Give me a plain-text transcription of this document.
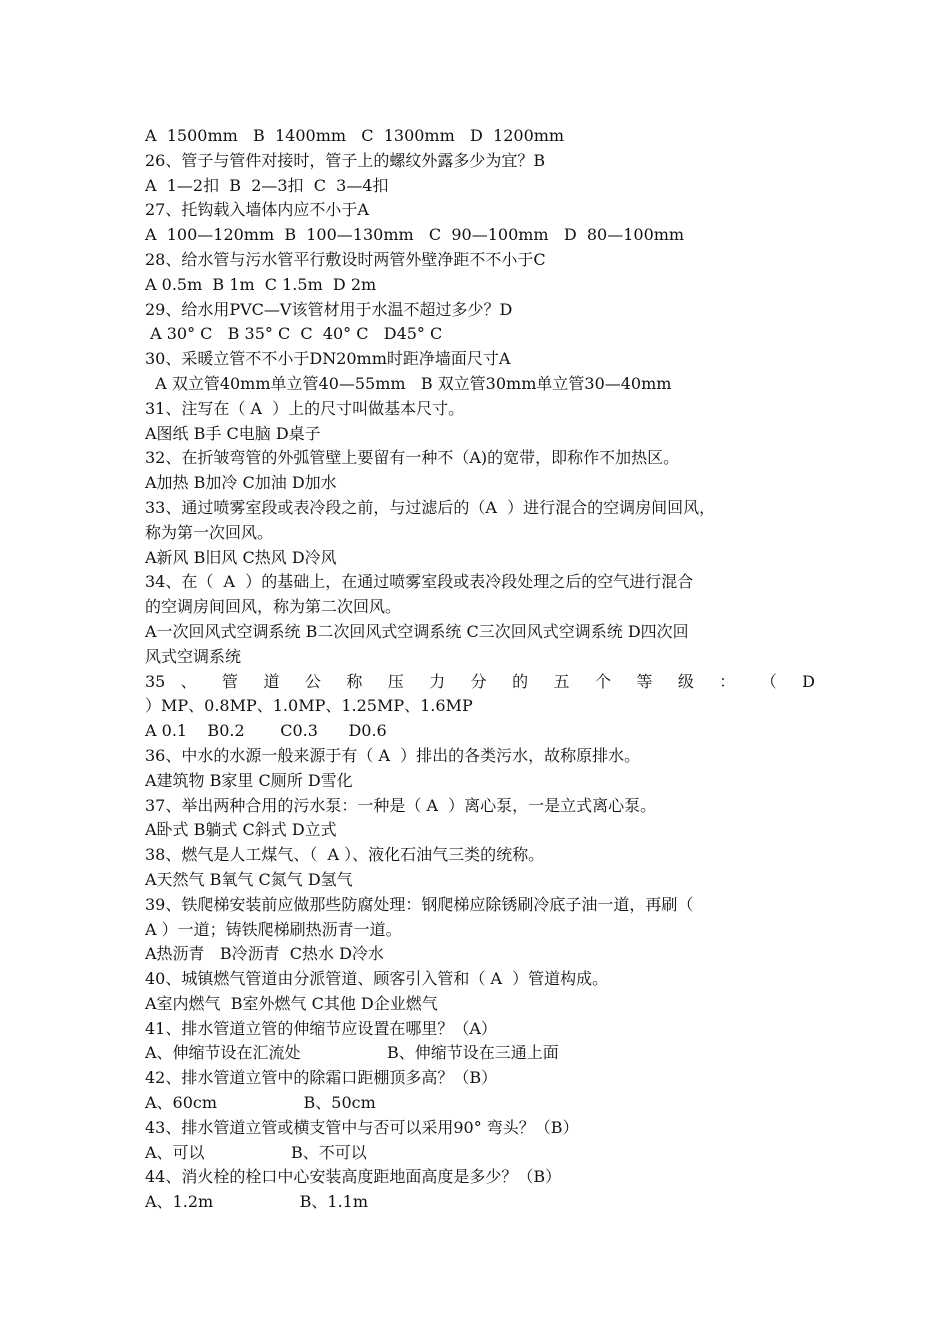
A  1500mm   B  1400mm   C  1300mm   D  1200mm
26、管子与管件对接时，管子上的螺纹外露多少为宜？B
A  1—2扣  B  2—3扣  C  3—4扣
27、托钩载入墙体内应不小于A
A  100—120mm  B  100—130mm   C  90—100mm   D  80—100mm
28、给水管与污水管平行敷设时两管外壁净距不不小于C
A 0.5m  B 1m  C 1.5m  D 2m
29、给水用PVC—V该管材用于水温不超过多少？D
A 30° C   B 35° C  C  40° C   D45° C
30、采暖立管不不小于DN20mm时距净墙面尺寸A
A 双立管40mm单立管40—55mm   B 双立管30mm单立管30—40mm
31、注写在（ A  ）上的尺寸叫做基本尺寸。
A图纸 B手 C电脑 D桌子
32、在折皱弯管的外弧管壁上要留有一种不（A)的宽带，即称作不加热区。
A加热 B加冷 C加油 D加水
33、通过喷雾室段或表冷段之前，与过滤后的（A  ）进行混合的空调房间回风，
称为第一次回风。
A新风 B旧风 C热风 D冷风
34、在（  A  ）的基础上，在通过喷雾室段或表冷段处理之后的空气进行混合
的空调房间回风，称为第二次回风。
A一次回风式空调系统 B二次回风式空调系统 C三次回风式空调系统 D四次回
风式空调系统
35 、 管 道 公 称 压 力 分 的 五 个 等 级 ： （ D
）MP、0.8MP、1.0MP、1.25MP、1.6MP
A 0.1    B0.2       C0.3      D0.6
36、中水的水源一般来源于有（ A  ）排出的各类污水，故称原排水。
A建筑物 B家里 C厕所 D雪化
37、举出两种合用的污水泵：一种是（ A  ）离心泵，一是立式离心泵。
A卧式 B躺式 C斜式 D立式
38、燃气是人工煤气、（  A ）、液化石油气三类的统称。
A天然气 B氧气 C氮气 D氢气
39、铁爬梯安装前应做那些防腐处理：钢爬梯应除锈刷冷底子油一道，再刷（
A ）一道；铸铁爬梯刷热沥青一道。
A热沥青   B冷沥青  C热水 D冷水
40、城镇燃气管道由分派管道、顾客引入管和（ A  ）管道构成。
A室内燃气  B室外燃气 C其他 D企业燃气
41、排水管道立管的伸缩节应设置在哪里？（A）
A、伸缩节设在汇流处                 B、伸缩节设在三通上面
42、排水管道立管中的除霜口距棚顶多高？（B）
A、60cm                 B、50cm
43、排水管道立管或横支管中与否可以采用90° 弯头？（B）
A、可以                 B、不可以
44、消火栓的栓口中心安装高度距地面高度是多少？（B）
A、1.2m                 B、1.1m
